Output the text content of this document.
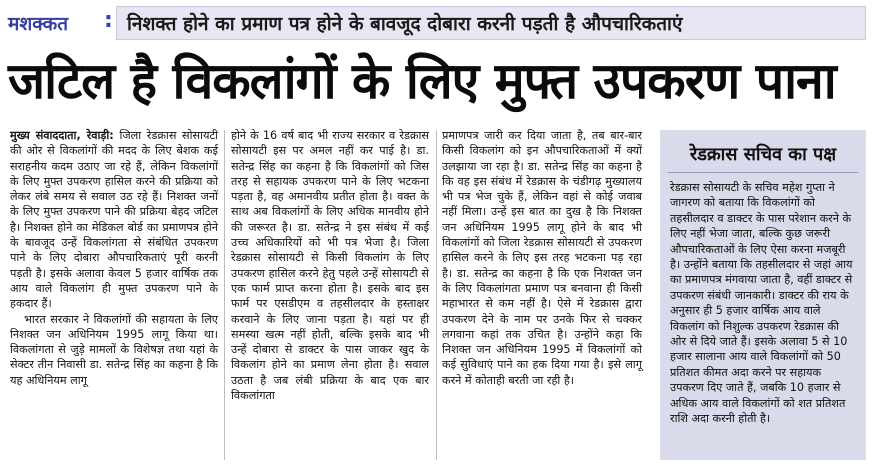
मशक्कत : निशक्त होने का प्रमाण पत्र होने के बावजूद दोबारा करनी पड़ती है औपचारिकताएं
जटिल है विकलांगों के लिए मुफ्त उपकरण पाना

मुख्य संवाददाता, रेवाड़ी: जिला रेडक्रास सोसायटी की ओर से विकलांगों की मदद के लिए बेशक कई सराहनीय कदम उठाए जा रहे हैं, लेकिन विकलांगों के लिए मुफ्त उपकरण हासिल करने की प्रक्रिया को लेकर लंबे समय से सवाल उठ रहे हैं। निशक्त जनों के लिए मुफ्त उपकरण पाने की प्रक्रिया बेहद जटिल है। निशक्त होने का मेडिकल बोर्ड का प्रमाणपत्र होने के बावजूद उन्हें विकलांगता से संबंधित उपकरण पाने के लिए दोबारा औपचारिकताएं पूरी करनी पड़ती है। इसके अलावा केवल 5 हजार वार्षिक तक आय वाले विकलांग ही मुफ्त उपकरण पाने के हकदार हैं।

भारत सरकार ने विकलांगों की सहायता के लिए निशक्त जन अधिनियम 1995 लागू किया था। विकलांगता से जुड़े मामलों के विशेषज्ञ तथा यहां के सेक्टर तीन निवासी डा. सतेन्द्र सिंह का कहना है कि यह अधिनियम लागू

होने के 16 वर्ष बाद भी राज्य सरकार व रेडक्रास सोसायटी इस पर अमल नहीं कर पाई है। डा. सतेन्द्र सिंह का कहना है कि विकलांगों को जिस तरह से सहायक उपकरण पाने के लिए भटकना पड़ता है, वह अमानवीय प्रतीत होता है। वक्त के साथ अब विकलांगों के लिए अधिक मानवीय होने की जरूरत है। डा. सतेन्द्र ने इस संबंध में कई उच्च अधिकारियों को भी पत्र भेजा है। जिला रेडक्रास सोसायटी से किसी विकलांग के लिए उपकरण हासिल करने हेतु पहले उन्हें सोसायटी से एक फार्म प्राप्त करना होता है। इसके बाद इस फार्म पर एसडीएम व तहसीलदार के हस्ताक्षर करवाने के लिए जाना पड़ता है। यहां पर ही समस्या खत्म नहीं होती, बल्कि इसके बाद भी उन्हें दोबारा से डाक्टर के पास जाकर खुद के विकलांग होने का प्रमाण लेना होता है। सवाल उठता है जब लंबी प्रक्रिया के बाद एक बार विकलांगता

प्रमाणपत्र जारी कर दिया जाता है, तब बार-बार किसी विकलांग को इन औपचारिकताओं में क्यों उलझाया जा रहा है। डा. सतेन्द्र सिंह का कहना है कि वह इस संबंध में रेडक्रास के चंडीगढ़ मुख्यालय भी पत्र भेज चुके हैं, लेकिन वहां से कोई जवाब नहीं मिला। उन्हें इस बात का दुख है कि निशक्त जन अधिनियम 1995 लागू होने के बाद भी विकलांगों को जिला रेडक्रास सोसायटी से उपकरण हासिल करने के लिए इस तरह भटकना पड़ रहा है। डा. सतेन्द्र का कहना है कि एक निशक्त जन के लिए विकलांगता प्रमाण पत्र बनवाना ही किसी महाभारत से कम नहीं है। ऐसे में रेडक्रास द्वारा उपकरण देने के नाम पर उनके फिर से चक्कर लगवाना कहां तक उचित है। उन्होंने कहा कि निशक्त जन अधिनियम 1995 में विकलांगों को कई सुविधाएं पाने का हक दिया गया है। इसे लागू करने में कोताही बरती जा रही है।

रेडक्रास सचिव का पक्ष

रेडक्रास सोसायटी के सचिव महेश गुप्ता ने जागरण को बताया कि विकलांगों को तहसीलदार व डाक्टर के पास परेशान करने के लिए नहीं भेजा जाता, बल्कि कुछ जरूरी औपचारिकताओं के लिए ऐसा करना मजबूरी है। उन्होंने बताया कि तहसीलदार से जहां आय का प्रमाणपत्र मंगवाया जाता है, वहीं डाक्टर से उपकरण संबंधी जानकारी। डाक्टर की राय के अनुसार ही 5 हजार वार्षिक आय वाले विकलांग को निशुल्क उपकरण रेडक्रास की ओर से दिये जाते हैं। इसके अलावा 5 से 10 हजार सालाना आय वाले विकलांगों को 50 प्रतिशत कीमत अदा करने पर सहायक उपकरण दिए जाते हैं, जबकि 10 हजार से अधिक आय वाले विकलांगों को शत प्रतिशत राशि अदा करनी होती है।
